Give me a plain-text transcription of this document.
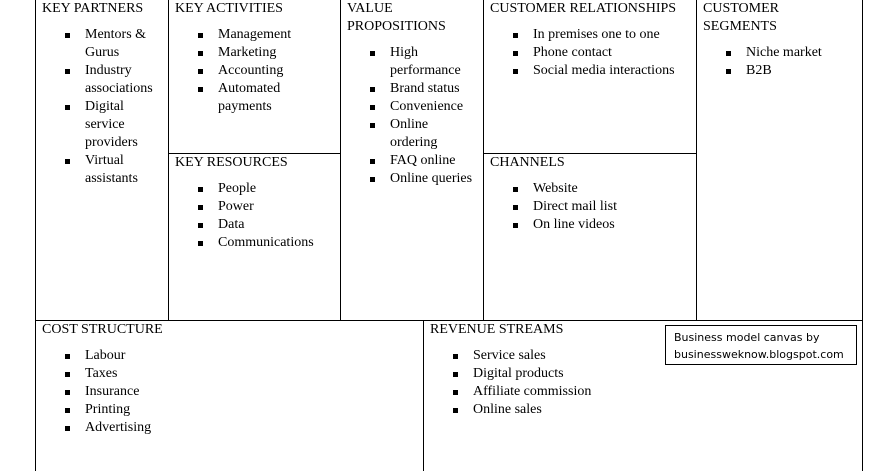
KEY PARTNERS
Mentors & Gurus
Industry associations
Digital service providers
Virtual assistants
KEY ACTIVITIES
Management
Marketing
Accounting
Automated payments
KEY RESOURCES
People
Power
Data
Communications
VALUE PROPOSITIONS
High performance
Brand status
Convenience
Online ordering
FAQ online
Online queries
CUSTOMER RELATIONSHIPS
In premises one to one
Phone contact
Social media interactions
CHANNELS
Website
Direct mail list
On line videos
CUSTOMER SEGMENTS
Niche market
B2B
COST STRUCTURE
Labour
Taxes
Insurance
Printing
Advertising
REVENUE STREAMS
Service sales
Digital products
Affiliate commission
Online sales
Business model canvas by
businessweknow.blogspot.com
